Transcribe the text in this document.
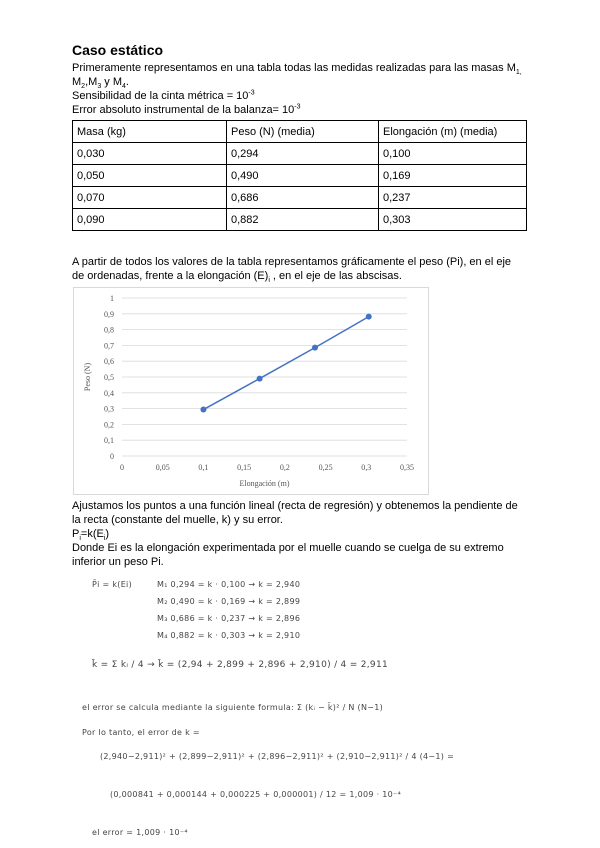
Caso estático
Primeramente representamos en una tabla todas las medidas realizadas para las masas $M_{1,}$
$M_2,M_3$ y $M_4$.
Sensibilidad de la cinta métrica = $10^{-3}$
Error absoluto instrumental de la balanza= $10^{-3}$
Masa (kg)	Peso (N) (media)	Elongación (m) (media)
0,030	0,294	0,100
0,050	0,490	0,169
0,070	0,686	0,237
0,090	0,882	0,303
A partir de todos los valores de la tabla representamos gráficamente el peso (Pi), en el eje
de ordenadas, frente a la elongación $(E)_i$ , en el eje de las abscisas.
0	0,05	0,1	0,15	0,2	0,25	0,3	0,35
0
0,1
0,2
0,3
0,4
0,5
0,6
0,7
0,8
0,9
1
Elongación (m)
Peso (N)
Ajustamos los puntos a una función lineal (recta de regresión) y obtenemos la pendiente de
la recta (constante del muelle, k) y su error.
$P_i=k(E_i)$
Donde Ei es la elongación experimentada por el muelle cuando se cuelga de su extremo
inferior un peso Pi.
P̄i = k(Ei)	M₁ 0,294 = k · 0,100 → k = 2,940
M₂ 0,490 = k · 0,169 → k = 2,899
M₃ 0,686 = k · 0,237 → k = 2,896
M₄ 0,882 = k · 0,303 → k = 2,910
k̄ = Σ kᵢ / 4 → k̄ = (2,94 + 2,899 + 2,896 + 2,910) / 4 = 2,911
el error se calcula mediante la siguiente formula: Σ (kᵢ − k̄)² / N (N−1)
Por lo tanto, el error de k =
(2,940−2,911)² + (2,899−2,911)² + (2,896−2,911)² + (2,910−2,911)² / 4 (4−1) =
(0,000841 + 0,000144 + 0,000225 + 0,000001) / 12 = 1,009 · 10⁻⁴
el error = 1,009 · 10⁻⁴
